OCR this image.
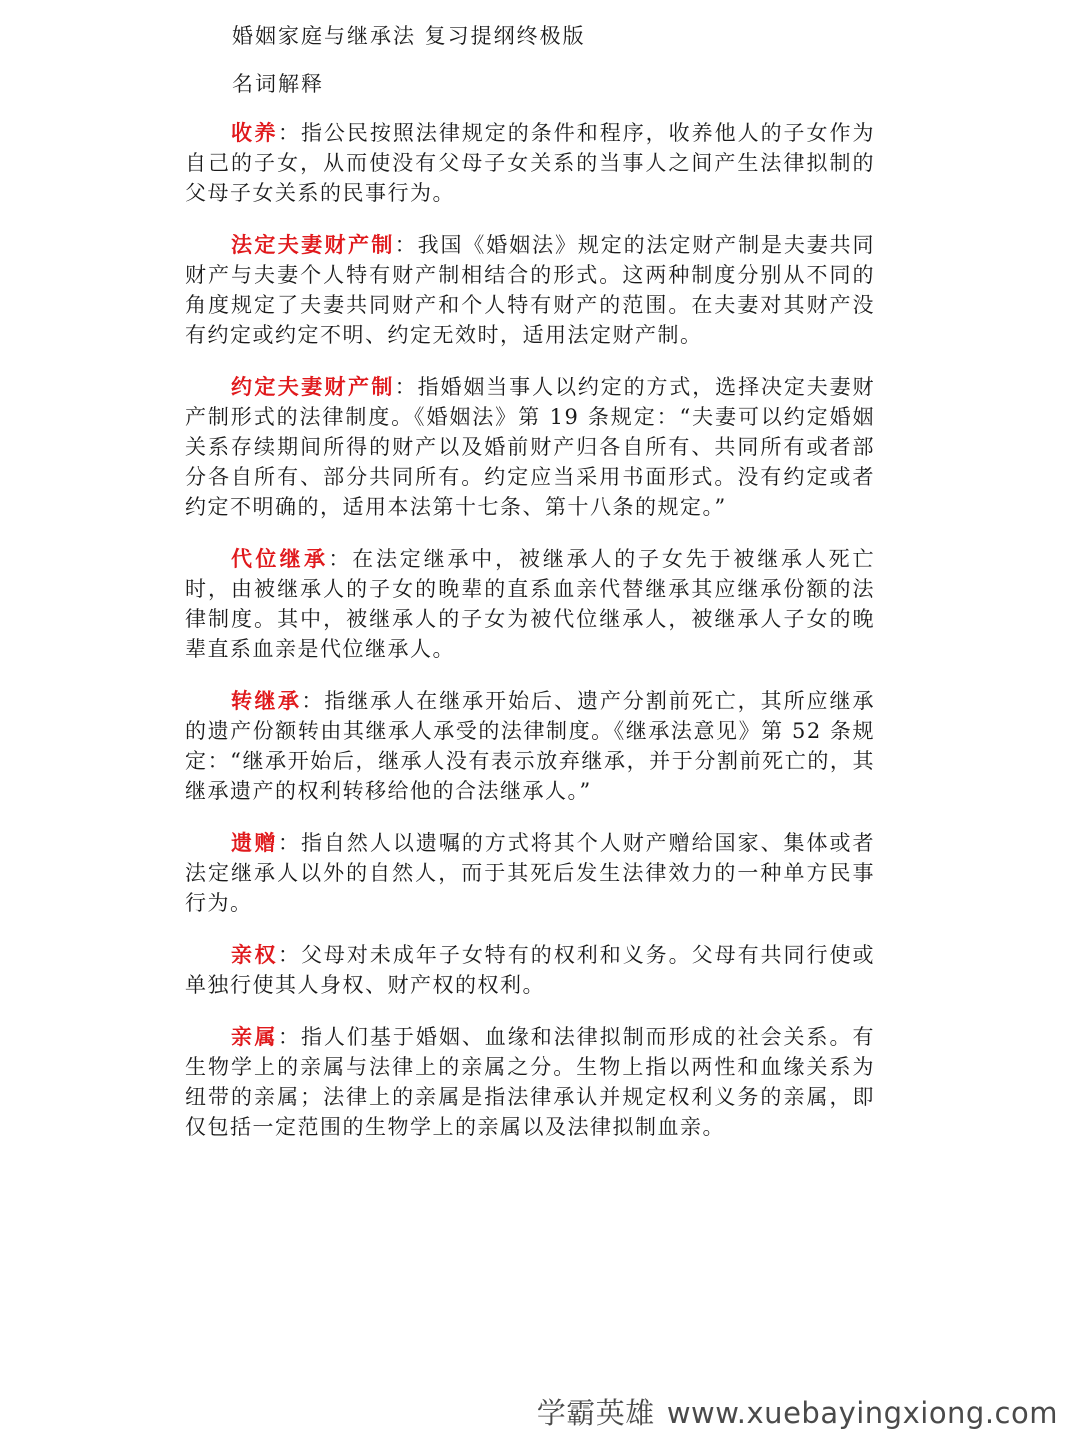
婚姻家庭与继承法 复习提纲终极版
名词解释

收养：指公民按照法律规定的条件和程序，收养他人的子女作为自己的子女，从而使没有父母子女关系的当事人之间产生法律拟制的父母子女关系的民事行为。

法定夫妻财产制：我国《婚姻法》规定的法定财产制是夫妻共同财产与夫妻个人特有财产制相结合的形式。这两种制度分别从不同的角度规定了夫妻共同财产和个人特有财产的范围。在夫妻对其财产没有约定或约定不明、约定无效时，适用法定财产制。

约定夫妻财产制：指婚姻当事人以约定的方式，选择决定夫妻财产制形式的法律制度。《婚姻法》第 19 条规定：“夫妻可以约定婚姻关系存续期间所得的财产以及婚前财产归各自所有、共同所有或者部分各自所有、部分共同所有。约定应当采用书面形式。没有约定或者约定不明确的，适用本法第十七条、第十八条的规定。”

代位继承：在法定继承中，被继承人的子女先于被继承人死亡时，由被继承人的子女的晚辈的直系血亲代替继承其应继承份额的法律制度。其中，被继承人的子女为被代位继承人，被继承人子女的晚辈直系血亲是代位继承人。

转继承：指继承人在继承开始后、遗产分割前死亡，其所应继承的遗产份额转由其继承人承受的法律制度。《继承法意见》第 52 条规定：“继承开始后，继承人没有表示放弃继承，并于分割前死亡的，其继承遗产的权利转移给他的合法继承人。”

遗赠：指自然人以遗嘱的方式将其个人财产赠给国家、集体或者法定继承人以外的自然人，而于其死后发生法律效力的一种单方民事行为。

亲权：父母对未成年子女特有的权利和义务。父母有共同行使或单独行使其人身权、财产权的权利。

亲属：指人们基于婚姻、血缘和法律拟制而形成的社会关系。有生物学上的亲属与法律上的亲属之分。生物上指以两性和血缘关系为纽带的亲属；法律上的亲属是指法律承认并规定权利义务的亲属，即仅包括一定范围的生物学上的亲属以及法律拟制血亲。

学霸英雄 www.xuebayingxiong.com
